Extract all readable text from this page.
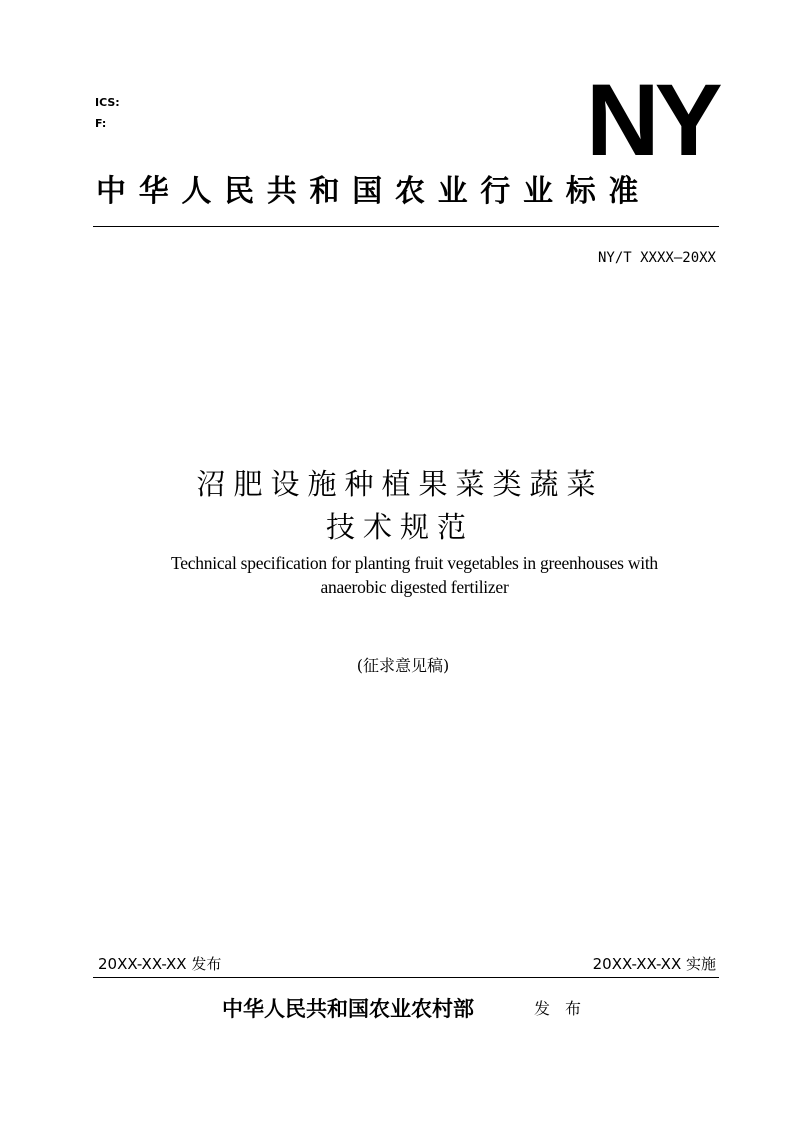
ICS:
F:	NY
中华人民共和国农业行业标准
NY/T XXXX—20XX
沼肥设施种植果菜类蔬菜
技术规范
Technical specification for planting fruit vegetables in greenhouses with
anaerobic digested fertilizer
(征求意见稿)
20XX-XX-XX 发布	20XX-XX-XX 实施
中华人民共和国农业农村部	发布
